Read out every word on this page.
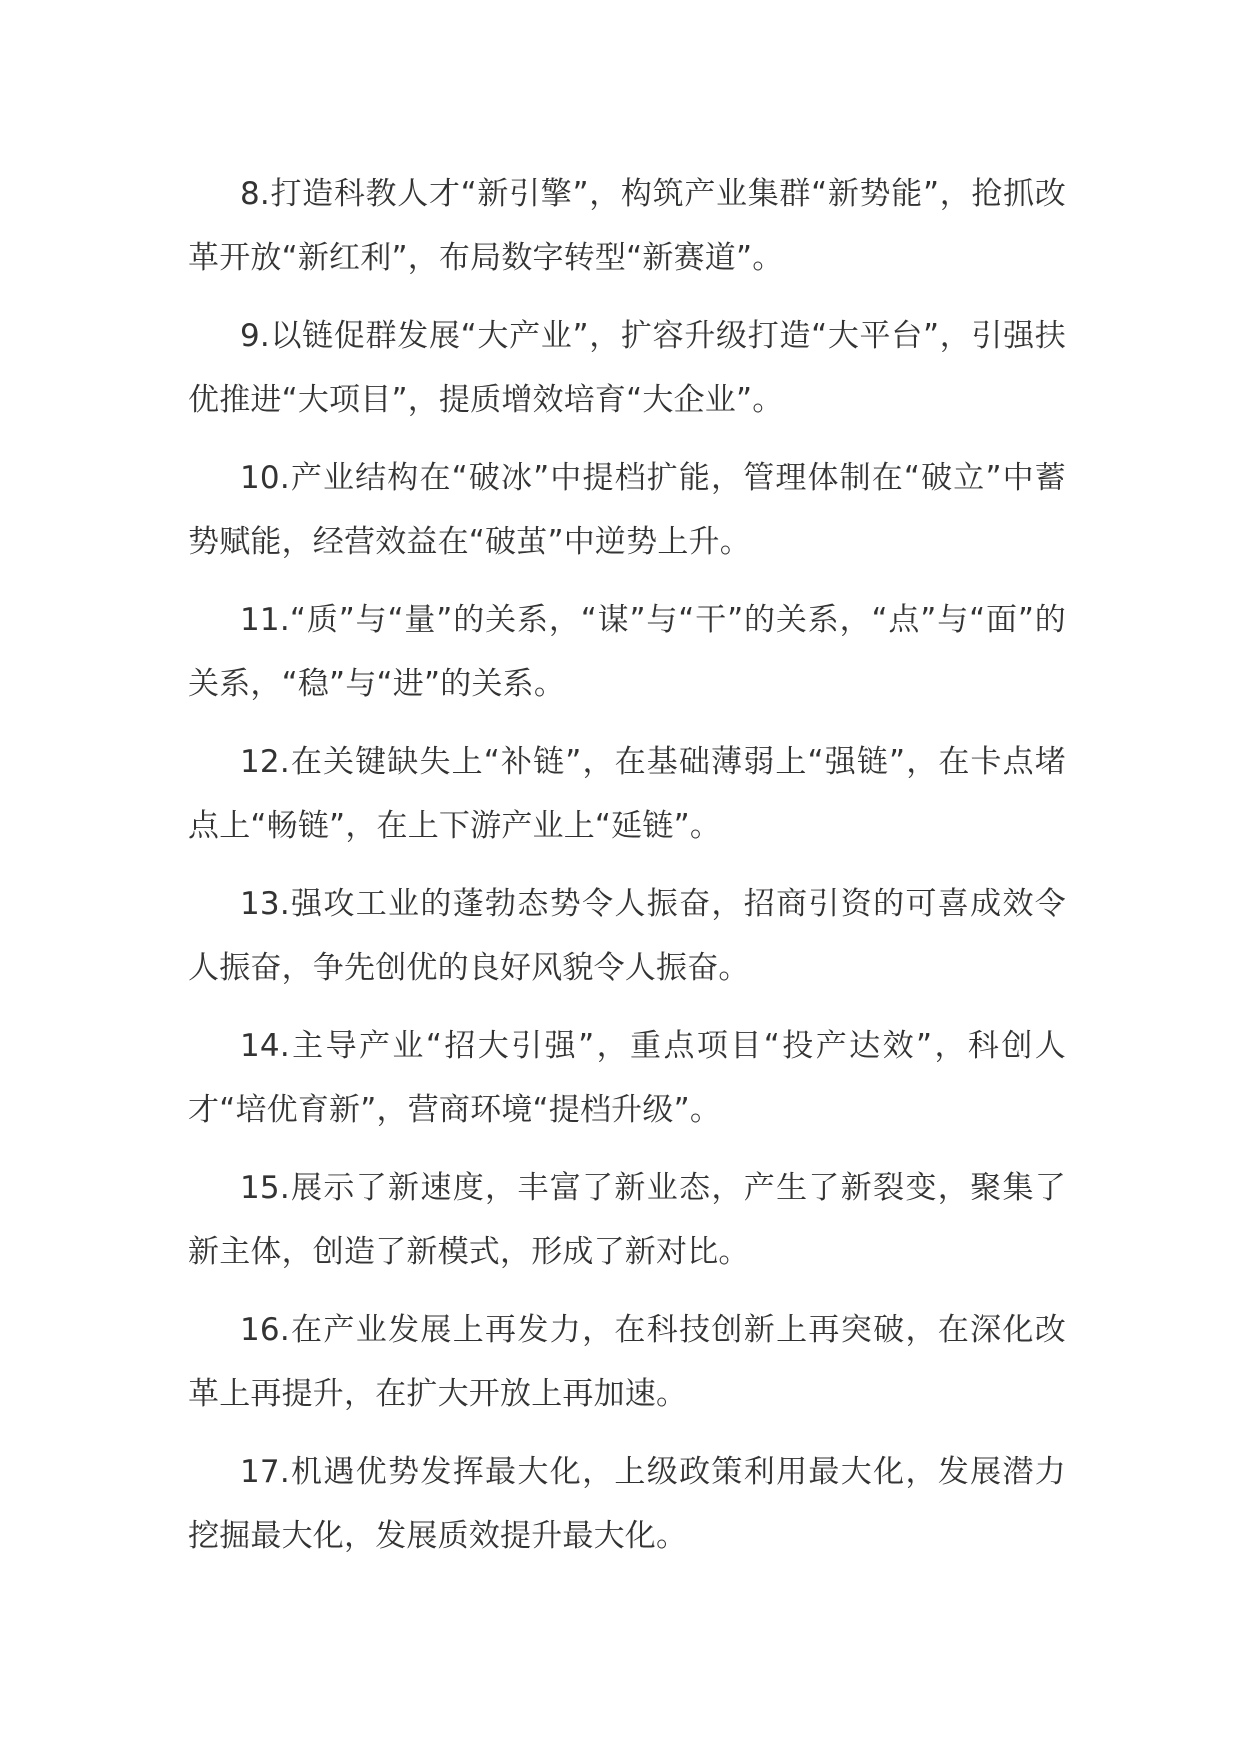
8.打造科教人才“新引擎”，构筑产业集群“新势能”，抢抓改革开放“新红利”，布局数字转型“新赛道”。

9.以链促群发展“大产业”，扩容升级打造“大平台”，引强扶优推进“大项目”，提质增效培育“大企业”。

10.产业结构在“破冰”中提档扩能，管理体制在“破立”中蓄势赋能，经营效益在“破茧”中逆势上升。

11.“质”与“量”的关系，“谋”与“干”的关系，“点”与“面”的关系，“稳”与“进”的关系。

12.在关键缺失上“补链”，在基础薄弱上“强链”，在卡点堵点上“畅链”，在上下游产业上“延链”。

13.强攻工业的蓬勃态势令人振奋，招商引资的可喜成效令人振奋，争先创优的良好风貌令人振奋。

14.主导产业“招大引强”，重点项目“投产达效”，科创人才“培优育新”，营商环境“提档升级”。

15.展示了新速度，丰富了新业态，产生了新裂变，聚集了新主体，创造了新模式，形成了新对比。

16.在产业发展上再发力，在科技创新上再突破，在深化改革上再提升，在扩大开放上再加速。

17.机遇优势发挥最大化，上级政策利用最大化，发展潜力挖掘最大化，发展质效提升最大化。
